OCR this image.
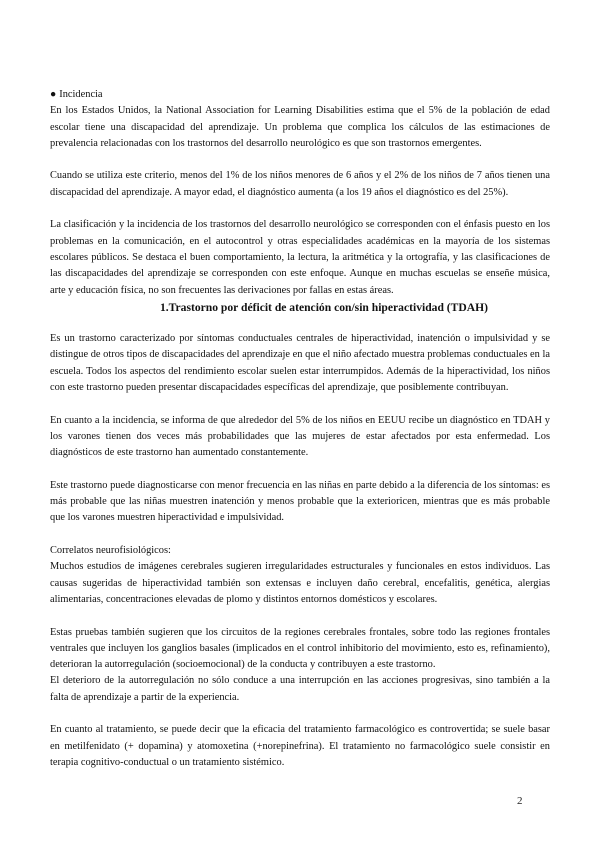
● Incidencia

En los Estados Unidos, la National Association for Learning Disabilities estima que el 5% de la población de edad escolar tiene una discapacidad del aprendizaje. Un problema que complica los cálculos de las estimaciones de prevalencia relacionadas con los trastornos del desarrollo neurológico es que son trastornos emergentes.

Cuando se utiliza este criterio, menos del 1% de los niños menores de 6 años y el 2% de los niños de 7 años tienen una discapacidad del aprendizaje. A mayor edad, el diagnóstico aumenta (a los 19 años el diagnóstico es del 25%).

La clasificación y la incidencia de los trastornos del desarrollo neurológico se corresponden con el énfasis puesto en los problemas en la comunicación, en el autocontrol y otras especialidades académicas en la mayoría de los sistemas escolares públicos. Se destaca el buen comportamiento, la lectura, la aritmética y la ortografía, y las clasificaciones de las discapacidades del aprendizaje se corresponden con este enfoque. Aunque en muchas escuelas se enseñe música, arte y educación física, no son frecuentes las derivaciones por fallas en estas áreas.

1.Trastorno por déficit de atención con/sin hiperactividad (TDAH)

Es un trastorno caracterizado por síntomas conductuales centrales de hiperactividad, inatención o impulsividad y se distingue de otros tipos de discapacidades del aprendizaje en que el niño afectado muestra problemas conductuales en la escuela. Todos los aspectos del rendimiento escolar suelen estar interrumpidos. Además de la hiperactividad, los niños con este trastorno pueden presentar discapacidades específicas del aprendizaje, que posiblemente contribuyan.

En cuanto a la incidencia, se informa de que alrededor del 5% de los niños en EEUU recibe un diagnóstico en TDAH y los varones tienen dos veces más probabilidades que las mujeres de estar afectados por esta enfermedad. Los diagnósticos de este trastorno han aumentado constantemente.

Este trastorno puede diagnosticarse con menor frecuencia en las niñas en parte debido a la diferencia de los síntomas: es más probable que las niñas muestren inatención y menos probable que la exterioricen, mientras que es más probable que los varones muestren hiperactividad e impulsividad.

Correlatos neurofisiológicos:

Muchos estudios de imágenes cerebrales sugieren irregularidades estructurales y funcionales en estos individuos. Las causas sugeridas de hiperactividad también son extensas e incluyen daño cerebral, encefalitis, genética, alergias alimentarias, concentraciones elevadas de plomo y distintos entornos domésticos y escolares.

Estas pruebas también sugieren que los circuitos de la regiones cerebrales frontales, sobre todo las regiones frontales ventrales que incluyen los ganglios basales (implicados en el control inhibitorio del movimiento, esto es, refinamiento), deterioran la autorregulación (socioemocional) de la conducta y contribuyen a este trastorno.

El deterioro de la autorregulación no sólo conduce a una interrupción en las acciones progresivas, sino también a la falta de aprendizaje a partir de la experiencia.

En cuanto al tratamiento, se puede decir que la eficacia del tratamiento farmacológico es controvertida; se suele basar en metilfenidato (+ dopamina) y atomoxetina (+norepinefrina). El tratamiento no farmacológico suele consistir en terapia cognitivo-conductual o un tratamiento sistémico.

2
